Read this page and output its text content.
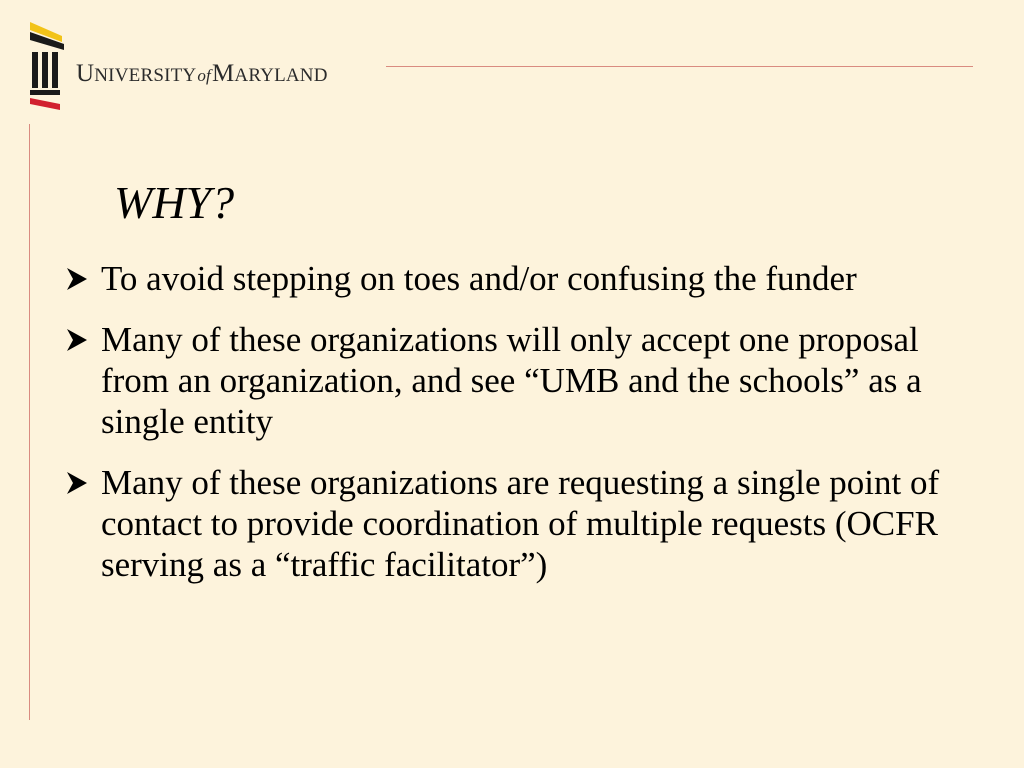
U NIVERSITY of M ARYLAND
WHY?
To avoid stepping on toes and/or confusing the funder
Many of these organizations will only accept one proposal from an organization, and see “UMB and the schools” as a single entity
Many of these organizations are requesting a single point of contact to provide coordination of multiple requests (OCFR serving as a “traffic facilitator”)
